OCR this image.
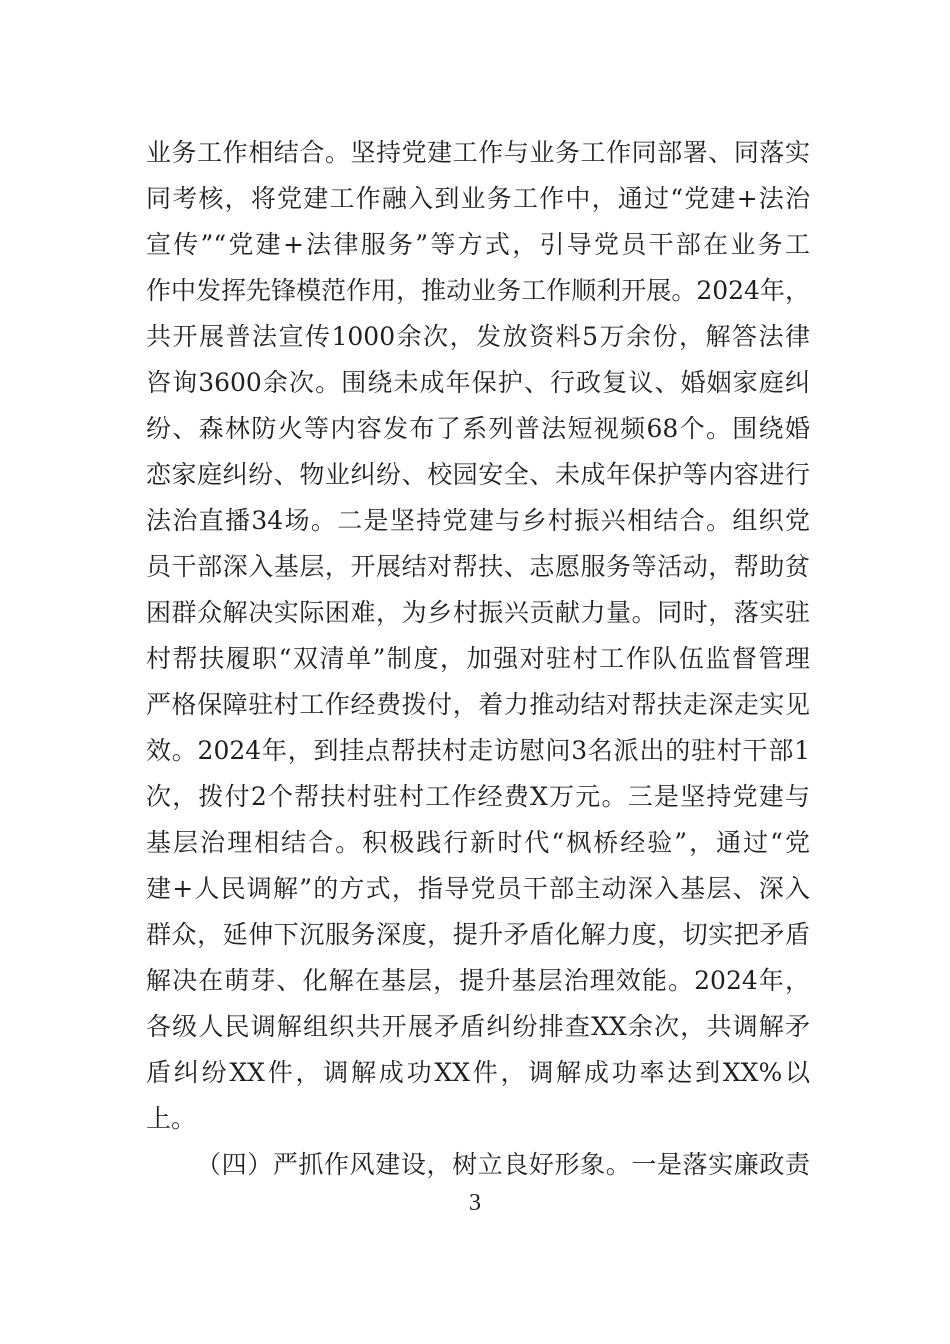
业务工作相结合。坚持党建工作与业务工作同部署、同落实
同考核，将党建工作融入到业务工作中，通过“党建+法治
宣传”“党建+法律服务”等方式，引导党员干部在业务工
作中发挥先锋模范作用，推动业务工作顺利开展。2024年，
共开展普法宣传1000余次，发放资料5万余份，解答法律
咨询3600余次。围绕未成年保护、行政复议、婚姻家庭纠
纷、森林防火等内容发布了系列普法短视频68个。围绕婚
恋家庭纠纷、物业纠纷、校园安全、未成年保护等内容进行
法治直播34场。二是坚持党建与乡村振兴相结合。组织党
员干部深入基层，开展结对帮扶、志愿服务等活动，帮助贫
困群众解决实际困难，为乡村振兴贡献力量。同时，落实驻
村帮扶履职“双清单”制度，加强对驻村工作队伍监督管理
严格保障驻村工作经费拨付，着力推动结对帮扶走深走实见
效。2024年，到挂点帮扶村走访慰问3名派出的驻村干部1
次，拨付2个帮扶村驻村工作经费X万元。三是坚持党建与
基层治理相结合。积极践行新时代“枫桥经验”，通过“党
建+人民调解”的方式，指导党员干部主动深入基层、深入
群众，延伸下沉服务深度，提升矛盾化解力度，切实把矛盾
解决在萌芽、化解在基层，提升基层治理效能。2024年，
各级人民调解组织共开展矛盾纠纷排查XX余次，共调解矛
盾纠纷XX件，调解成功XX件，调解成功率达到XX%以
上。
（四）严抓作风建设，树立良好形象。一是落实廉政责
3
